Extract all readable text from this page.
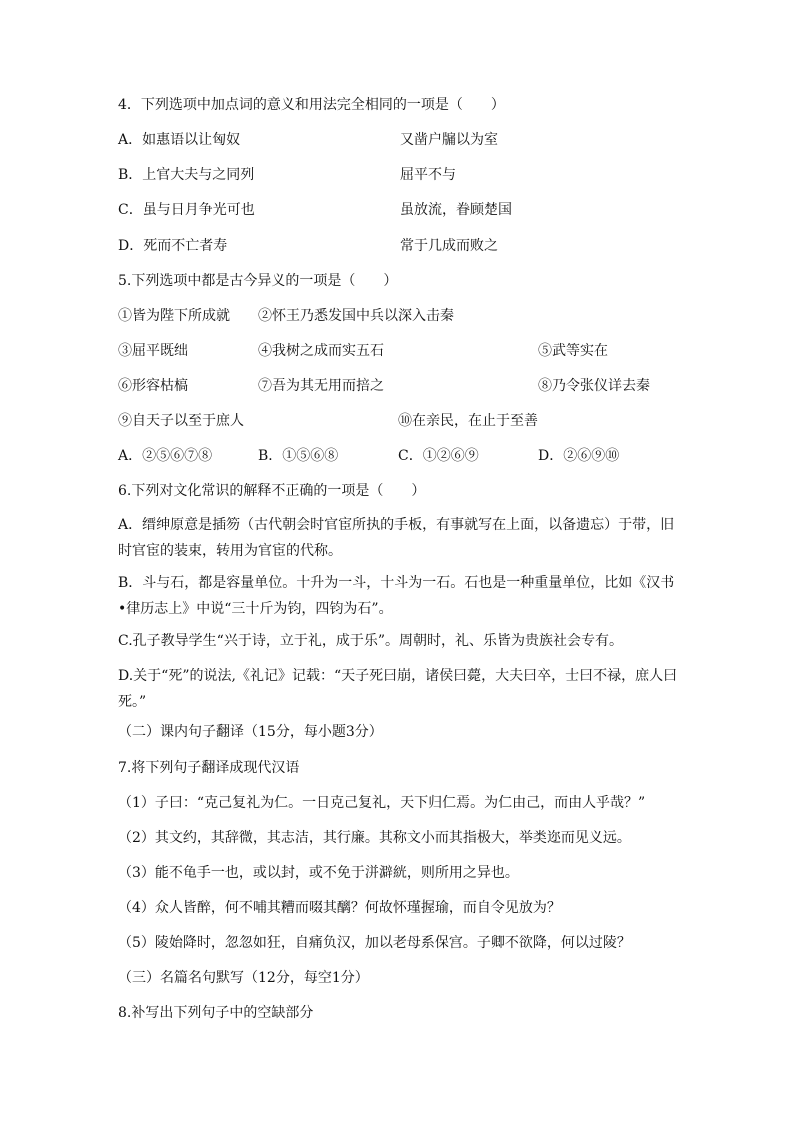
4．下列选项中加点词的意义和用法完全相同的一项是（　　）
A．如惠语以让匈奴	又凿户牖以为室
B．上官大夫与之同列	屈平不与
C．虽与日月争光可也	虽放流，眷顾楚国
D．死而不亡者寿	常于几成而败之
5.下列选项中都是古今异义的一项是（　　）
①皆为陛下所成就 ②怀王乃悉发国中兵以深入击秦
③屈平既绌	④我树之成而实五石	⑤武等实在
⑥形容枯槁	⑦吾为其无用而掊之	⑧乃令张仪详去秦
⑨自天子以至于庶人	⑩在亲民，在止于至善
A．②⑤⑥⑦⑧	B．①⑤⑥⑧	C．①②⑥⑨	D．②⑥⑨⑩
6.下列对文化常识的解释不正确的一项是（　　）
A．缙绅原意是插笏（古代朝会时官宦所执的手板，有事就写在上面，以备遗忘）于带，旧时官宦的装束，转用为官宦的代称。
B．斗与石，都是容量单位。十升为一斗，十斗为一石。石也是一种重量单位，比如《汉书•律历志上》中说“三十斤为钧，四钧为石”。
C.孔子教导学生“兴于诗，立于礼，成于乐”。周朝时，礼、乐皆为贵族社会专有。
D.关于“死”的说法,《礼记》记载：“天子死曰崩，诸侯曰薨，大夫曰卒，士曰不禄，庶人曰死。”
（二）课内句子翻译（15分，每小题3分）
7.将下列句子翻译成现代汉语
（1）子曰：“克己复礼为仁。一日克己复礼，天下归仁焉。为仁由己，而由人乎哉？”
（2）其文约，其辞微，其志洁，其行廉。其称文小而其指极大，举类迩而见义远。
（3）能不龟手一也，或以封，或不免于洴澼絖，则所用之异也。
（4）众人皆醉，何不哺其糟而啜其醨？何故怀瑾握瑜，而自令见放为？
（5）陵始降时，忽忽如狂，自痛负汉，加以老母系保宫。子卿不欲降，何以过陵？
（三）名篇名句默写（12分，每空1分）
8.补写出下列句子中的空缺部分
